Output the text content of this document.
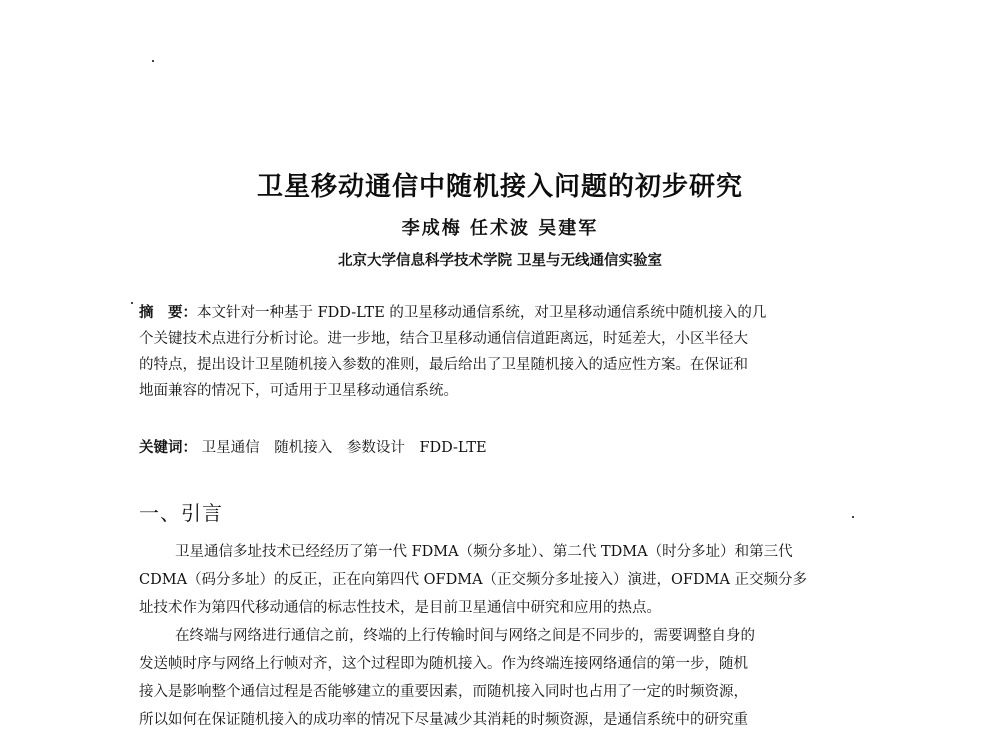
卫星移动通信中随机接入问题的初步研究
李成梅 任术波 吴建军
北京大学信息科学技术学院 卫星与无线通信实验室
摘　要：本文针对一种基于 FDD-LTE 的卫星移动通信系统，对卫星移动通信系统中随机接入的几
个关键技术点进行分析讨论。进一步地，结合卫星移动通信信道距离远，时延差大，小区半径大
的特点，提出设计卫星随机接入参数的准则，最后给出了卫星随机接入的适应性方案。在保证和
地面兼容的情况下，可适用于卫星移动通信系统。
关键词： 卫星通信 随机接入 参数设计 FDD-LTE
一、引言
卫星通信多址技术已经经历了第一代 FDMA（频分多址）、第二代 TDMA（时分多址）和第三代
CDMA（码分多址）的反正，正在向第四代 OFDMA（正交频分多址接入）演进，OFDMA 正交频分多
址技术作为第四代移动通信的标志性技术，是目前卫星通信中研究和应用的热点。
在终端与网络进行通信之前，终端的上行传输时间与网络之间是不同步的，需要调整自身的
发送帧时序与网络上行帧对齐，这个过程即为随机接入。作为终端连接网络通信的第一步，随机
接入是影响整个通信过程是否能够建立的重要因素，而随机接入同时也占用了一定的时频资源，
所以如何在保证随机接入的成功率的情况下尽量减少其消耗的时频资源，是通信系统中的研究重
